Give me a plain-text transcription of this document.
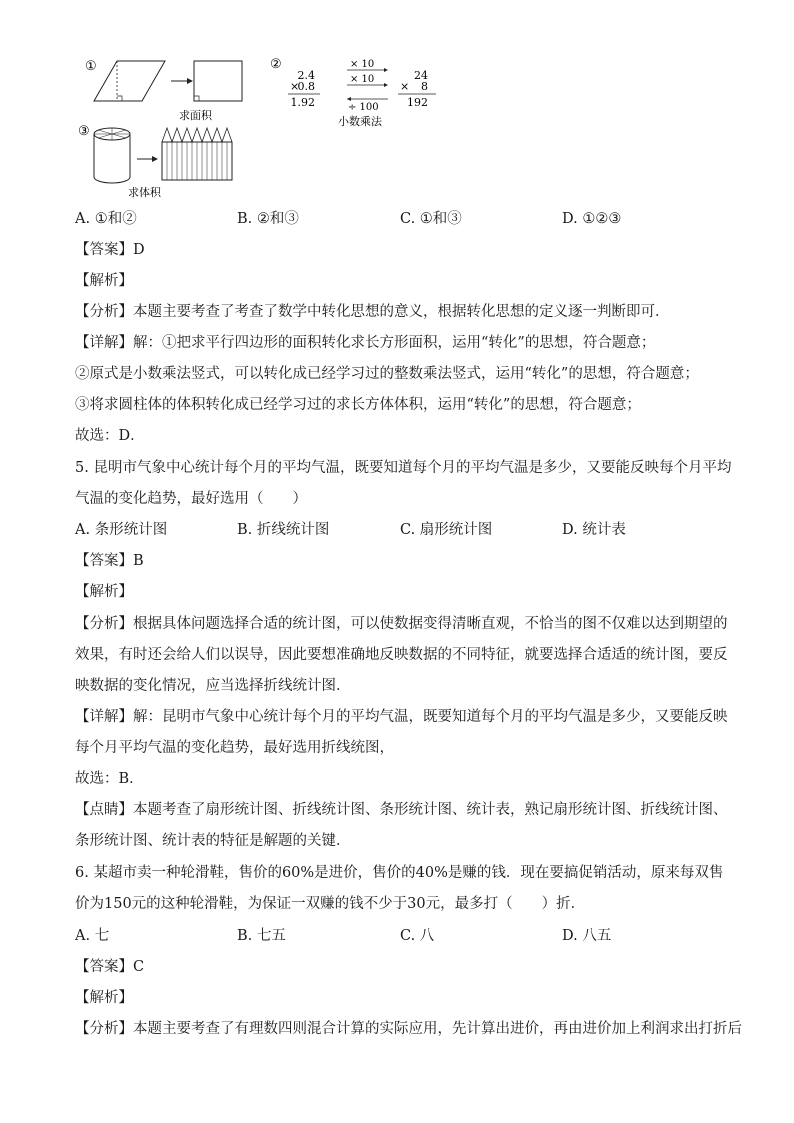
①
求面积
②
2.4
×
0.8
1.92
× 10
× 10
÷ 100
24
× 8
192
小数乘法
③
求体积
A. ①和②	B. ②和③	C. ①和③	D. ①②③
【答案】D
【解析】
【分析】本题主要考查了考查了数学中转化思想的意义，根据转化思想的定义逐一判断即可．
【详解】解：①把求平行四边形的面积转化求长方形面积，运用“转化”的思想，符合题意；
②原式是小数乘法竖式，可以转化成已经学习过的整数乘法竖式，运用“转化”的思想，符合题意；
③将求圆柱体的体积转化成已经学习过的求长方体体积，运用“转化”的思想，符合题意；
故选：D．
5. 昆明市气象中心统计每个月的平均气温，既要知道每个月的平均气温是多少，又要能反映每个月平均
气温的变化趋势，最好选用（　　）
A. 条形统计图	B. 折线统计图	C. 扇形统计图	D. 统计表
【答案】B
【解析】
【分析】根据具体问题选择合适的统计图，可以使数据变得清晰直观，不恰当的图不仅难以达到期望的
效果，有时还会给人们以误导，因此要想准确地反映数据的不同特征，就要选择合适适的统计图，要反
映数据的变化情况，应当选择折线统计图．
【详解】解：昆明市气象中心统计每个月的平均气温，既要知道每个月的平均气温是多少，又要能反映
每个月平均气温的变化趋势，最好选用折线统图，
故选：B．
【点睛】本题考查了扇形统计图、折线统计图、条形统计图、统计表，熟记扇形统计图、折线统计图、
条形统计图、统计表的特征是解题的关键．
6. 某超市卖一种轮滑鞋，售价的60%是进价，售价的40%是赚的钱．现在要搞促销活动，原来每双售
价为150元的这种轮滑鞋，为保证一双赚的钱不少于30元，最多打（　　）折．
A. 七	B. 七五	C. 八	D. 八五
【答案】C
【解析】
【分析】本题主要考查了有理数四则混合计算的实际应用，先计算出进价，再由进价加上利润求出打折后
